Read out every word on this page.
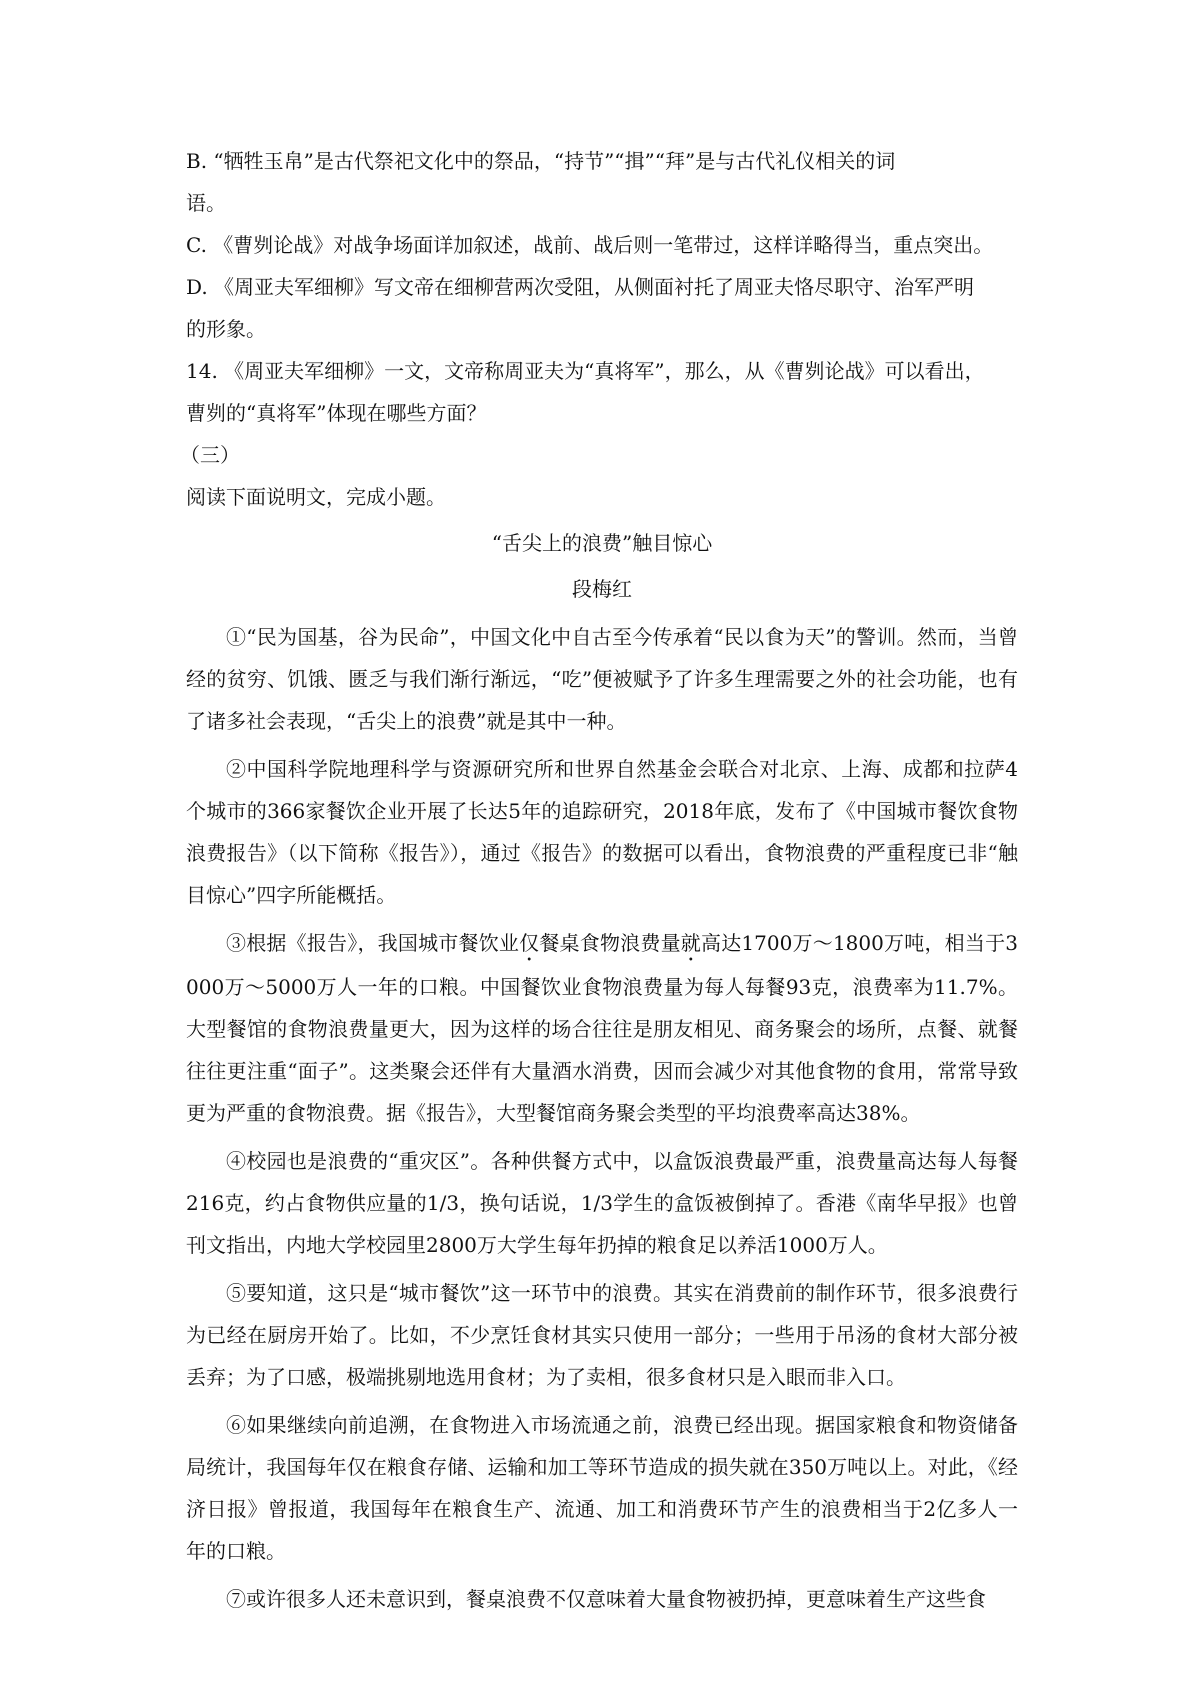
B. “牺牲玉帛”是古代祭祀文化中的祭品，“持节”“揖”“拜”是与古代礼仪相关的词

语。

C. 《曹刿论战》对战争场面详加叙述，战前、战后则一笔带过，这样详略得当，重点突出。

D. 《周亚夫军细柳》写文帝在细柳营两次受阻，从侧面衬托了周亚夫恪尽职守、治军严明

的形象。

14. 《周亚夫军细柳》一文，文帝称周亚夫为“真将军”，那么，从《曹刿论战》可以看出，

曹刿的“真将军”体现在哪些方面？

（三）

阅读下面说明文，完成小题。

“舌尖上的浪费”触目惊心

段梅红

①“民为国基，谷为民命”，中国文化中自古至今传承着“民以食为天”的警训。然而，当曾经的贫穷、饥饿、匮乏与我们渐行渐远，“吃”便被赋予了许多生理需要之外的社会功能，也有了诸多社会表现，“舌尖上的浪费”就是其中一种。

②中国科学院地理科学与资源研究所和世界自然基金会联合对北京、上海、成都和拉萨4个城市的366家餐饮企业开展了长达5年的追踪研究，2018年底，发布了《中国城市餐饮食物浪费报告》（以下简称《报告》），通过《报告》的数据可以看出，食物浪费的严重程度已非“触目惊心”四字所能概括。

③根据《报告》，我国城市餐饮业仅餐桌食物浪费量就高达1700万～1800万吨，相当于3000万～5000万人一年的口粮。中国餐饮业食物浪费量为每人每餐93克，浪费率为11.7%。大型餐馆的食物浪费量更大，因为这样的场合往往是朋友相见、商务聚会的场所，点餐、就餐往往更注重“面子”。这类聚会还伴有大量酒水消费，因而会减少对其他食物的食用，常常导致更为严重的食物浪费。据《报告》，大型餐馆商务聚会类型的平均浪费率高达38%。

④校园也是浪费的“重灾区”。各种供餐方式中，以盒饭浪费最严重，浪费量高达每人每餐216克，约占食物供应量的1/3，换句话说，1/3学生的盒饭被倒掉了。香港《南华早报》也曾刊文指出，内地大学校园里2800万大学生每年扔掉的粮食足以养活1000万人。

⑤要知道，这只是“城市餐饮”这一环节中的浪费。其实在消费前的制作环节，很多浪费行为已经在厨房开始了。比如，不少烹饪食材其实只使用一部分；一些用于吊汤的食材大部分被丢弃；为了口感，极端挑剔地选用食材；为了卖相，很多食材只是入眼而非入口。

⑥如果继续向前追溯，在食物进入市场流通之前，浪费已经出现。据国家粮食和物资储备局统计，我国每年仅在粮食存储、运输和加工等环节造成的损失就在350万吨以上。对此，《经济日报》曾报道，我国每年在粮食生产、流通、加工和消费环节产生的浪费相当于2亿多人一年的口粮。

⑦或许很多人还未意识到，餐桌浪费不仅意味着大量食物被扔掉，更意味着生产这些食
